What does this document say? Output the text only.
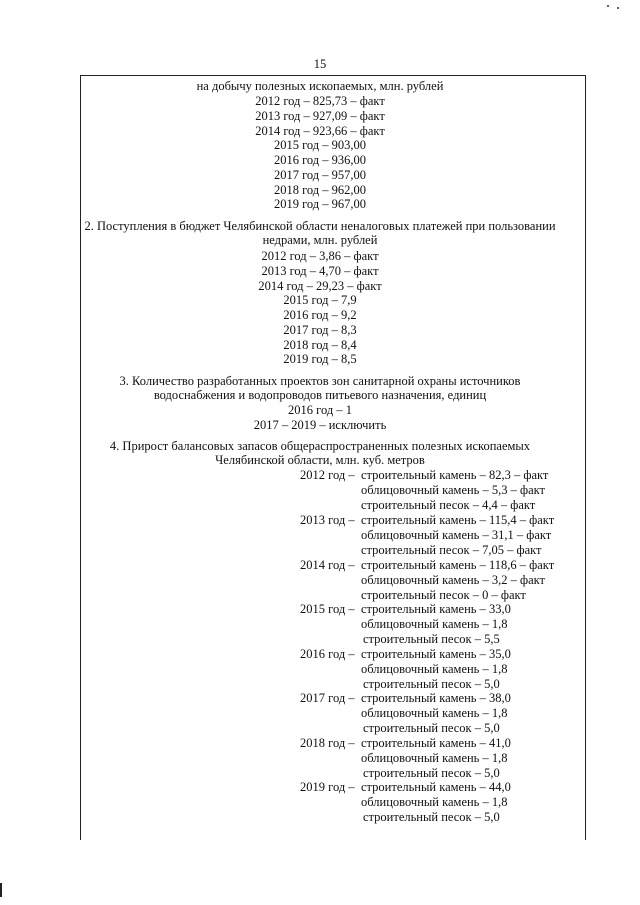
15
на добычу полезных ископаемых, млн. рублей
2012 год – 825,73 – факт
2013 год – 927,09 – факт
2014 год – 923,66 – факт
2015 год – 903,00
2016 год – 936,00
2017 год – 957,00
2018 год – 962,00
2019 год – 967,00
2. Поступления в бюджет Челябинской области неналоговых платежей при пользовании
недрами, млн. рублей
2012 год – 3,86 – факт
2013 год – 4,70 – факт
2014 год – 29,23 – факт
2015 год – 7,9
2016 год – 9,2
2017 год – 8,3
2018 год – 8,4
2019 год – 8,5
3. Количество разработанных проектов зон санитарной охраны источников
водоснабжения и водопроводов питьевого назначения, единиц
2016 год – 1
2017 – 2019 – исключить
4. Прирост балансовых запасов общераспространенных полезных ископаемых
Челябинской области, млн. куб. метров
2012 год – строительный камень – 82,3 – факт
облицовочный камень – 5,3 – факт
строительный песок – 4,4 – факт
2013 год – строительный камень – 115,4 – факт
облицовочный камень – 31,1 – факт
строительный песок – 7,05 – факт
2014 год – строительный камень – 118,6 – факт
облицовочный камень – 3,2 – факт
строительный песок – 0 – факт
2015 год – строительный камень – 33,0
облицовочный камень – 1,8
строительный песок – 5,5
2016 год – строительный камень – 35,0
облицовочный камень – 1,8
строительный песок – 5,0
2017 год – строительный камень – 38,0
облицовочный камень – 1,8
строительный песок – 5,0
2018 год – строительный камень – 41,0
облицовочный камень – 1,8
строительный песок – 5,0
2019 год – строительный камень – 44,0
облицовочный камень – 1,8
строительный песок – 5,0
